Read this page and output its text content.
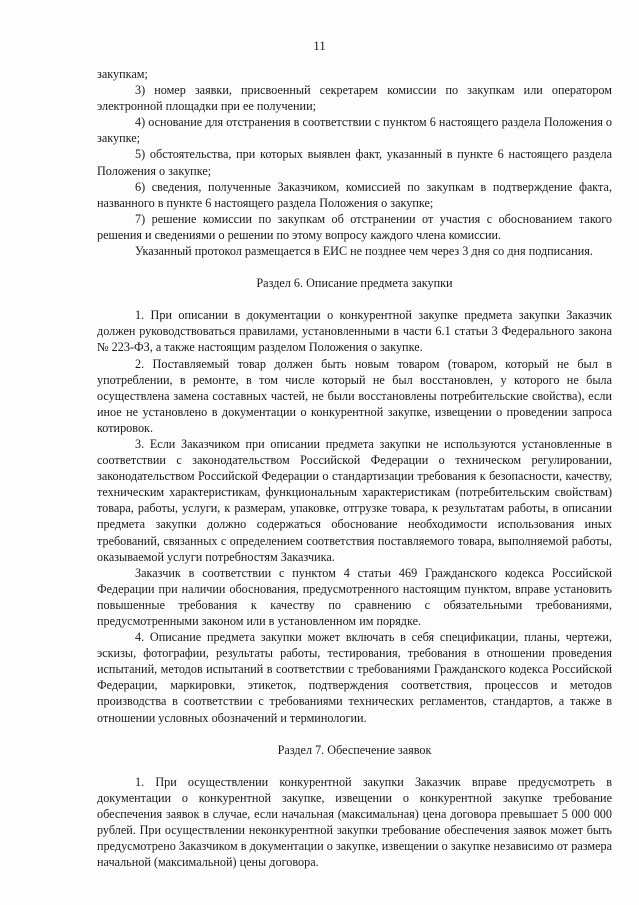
11

закупкам;

3) номер заявки, присвоенный секретарем комиссии по закупкам или оператором электронной площадки при ее получении;

4) основание для отстранения в соответствии с пунктом 6 настоящего раздела Положения о закупке;

5) обстоятельства, при которых выявлен факт, указанный в пункте 6 настоящего раздела Положения о закупке;

6) сведения, полученные Заказчиком, комиссией по закупкам в подтверждение факта, названного в пункте 6 настоящего раздела Положения о закупке;

7) решение комиссии по закупкам об отстранении от участия с обоснованием такого решения и сведениями о решении по этому вопросу каждого члена комиссии.

Указанный протокол размещается в ЕИС не позднее чем через 3 дня со дня подписания.

Раздел 6. Описание предмета закупки

1. При описании в документации о конкурентной закупке предмета закупки Заказчик должен руководствоваться правилами, установленными в части 6.1 статьи 3 Федерального закона № 223-ФЗ, а также настоящим разделом Положения о закупке.

2. Поставляемый товар должен быть новым товаром (товаром, который не был в употреблении, в ремонте, в том числе который не был восстановлен, у которого не была осуществлена замена составных частей, не были восстановлены потребительские свойства), если иное не установлено в документации о конкурентной закупке, извещении о проведении запроса котировок.

3. Если Заказчиком при описании предмета закупки не используются установленные в соответствии с законодательством Российской Федерации о техническом регулировании, законодательством Российской Федерации о стандартизации требования к безопасности, качеству, техническим характеристикам, функциональным характеристикам (потребительским свойствам) товара, работы, услуги, к размерам, упаковке, отгрузке товара, к результатам работы, в описании предмета закупки должно содержаться обоснование необходимости использования иных требований, связанных с определением соответствия поставляемого товара, выполняемой работы, оказываемой услуги потребностям Заказчика.

Заказчик в соответствии с пунктом 4 статьи 469 Гражданского кодекса Российской Федерации при наличии обоснования, предусмотренного настоящим пунктом, вправе установить повышенные требования к качеству по сравнению с обязательными требованиями, предусмотренными законом или в установленном им порядке.

4. Описание предмета закупки может включать в себя спецификации, планы, чертежи, эскизы, фотографии, результаты работы, тестирования, требования в отношении проведения испытаний, методов испытаний в соответствии с требованиями Гражданского кодекса Российской Федерации, маркировки, этикеток, подтверждения соответствия, процессов и методов производства в соответствии с требованиями технических регламентов, стандартов, а также в отношении условных обозначений и терминологии.

Раздел 7. Обеспечение заявок

1. При осуществлении конкурентной закупки Заказчик вправе предусмотреть в документации о конкурентной закупке, извещении о конкурентной закупке требование обеспечения заявок в случае, если начальная (максимальная) цена договора превышает 5 000 000 рублей. При осуществлении неконкурентной закупки требование обеспечения заявок может быть предусмотрено Заказчиком в документации о закупке, извещении о закупке независимо от размера начальной (максимальной) цены договора.
